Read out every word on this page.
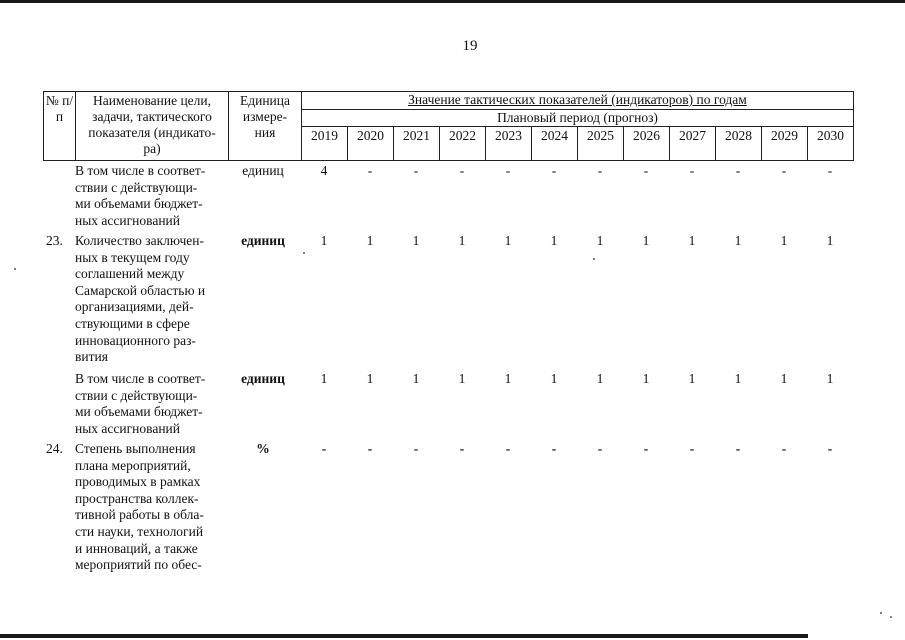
19
№ п/п	Наименование цели, задачи, тактического показателя (индикато-ра)	Единица измере-ния	Значение тактических показателей (индикаторов) по годам											
			Плановый период (прогноз)											
			2019	2020	2021	2022	2023	2024	2025	2026	2027	2028	2029	2030
В том числе в соответ-
ствии с действующи-
ми объемами бюджет-
ных ассигнований
единиц	4	-	-	-	-	-	-	-	-	-	-	-
23. Количество заключен-
ных в текущем году
соглашений между
Самарской областью и
организациями, дей-
ствующими в сфере
инновационного раз-
вития
единиц	1	1	1	1	1	1	1	1	1	1	1	1
В том числе в соответ-
ствии с действующи-
ми объемами бюджет-
ных ассигнований
единиц	1	1	1	1	1	1	1	1	1	1	1	1
24. Степень выполнения
плана мероприятий,
проводимых в рамках
пространства коллек-
тивной работы в обла-
сти науки, технологий
и инноваций, а также
мероприятий по обес-
%	-	-	-	-	-	-	-	-	-	-	-	-
